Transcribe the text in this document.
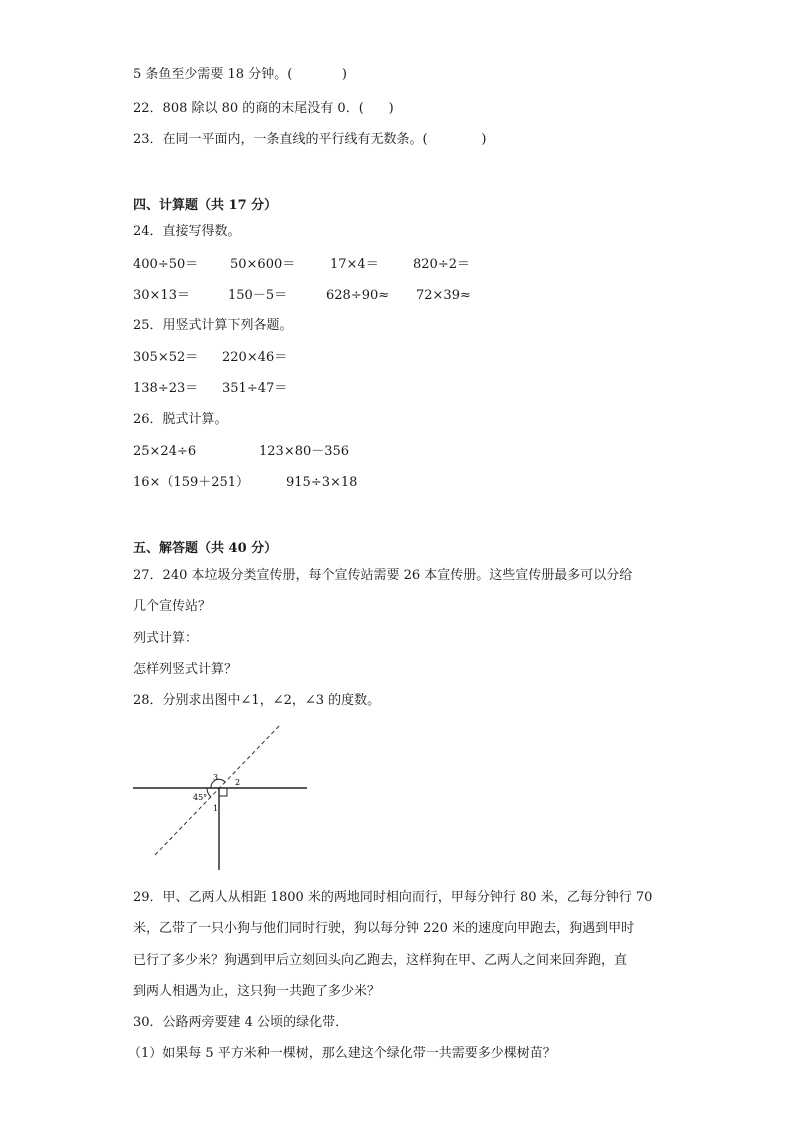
5 条鱼至少需要 18 分钟。(            )
22．808 除以 80 的商的末尾没有 0．(      )
23．在同一平面内，一条直线的平行线有无数条。(             )
四、计算题（共 17 分）
24．直接写得数。
400÷50＝ 50×600＝	17×4＝	820÷2＝
30×13＝	150－5＝	628÷90≈ 72×39≈
25．用竖式计算下列各题。
305×52＝ 220×46＝
138÷23＝ 351÷47＝
26．脱式计算。
25×24÷6	123×80－356
16×（159＋251）	915÷3×18
五、解答题（共 40 分）
27．240 本垃圾分类宣传册，每个宣传站需要 26 本宣传册。这些宣传册最多可以分给
几个宣传站？
列式计算：
怎样列竖式计算？
28．分别求出图中∠1，∠2，∠3 的度数。
3
2
1
45°
29．甲、乙两人从相距 1800 米的两地同时相向而行，甲每分钟行 80 米，乙每分钟行 70
米，乙带了一只小狗与他们同时行驶，狗以每分钟 220 米的速度向甲跑去，狗遇到甲时
已行了多少米？狗遇到甲后立刻回头向乙跑去，这样狗在甲、乙两人之间来回奔跑，直
到两人相遇为止，这只狗一共跑了多少米？
30．公路两旁要建 4 公顷的绿化带．
（1）如果每 5 平方米种一棵树，那么建这个绿化带一共需要多少棵树苗？
